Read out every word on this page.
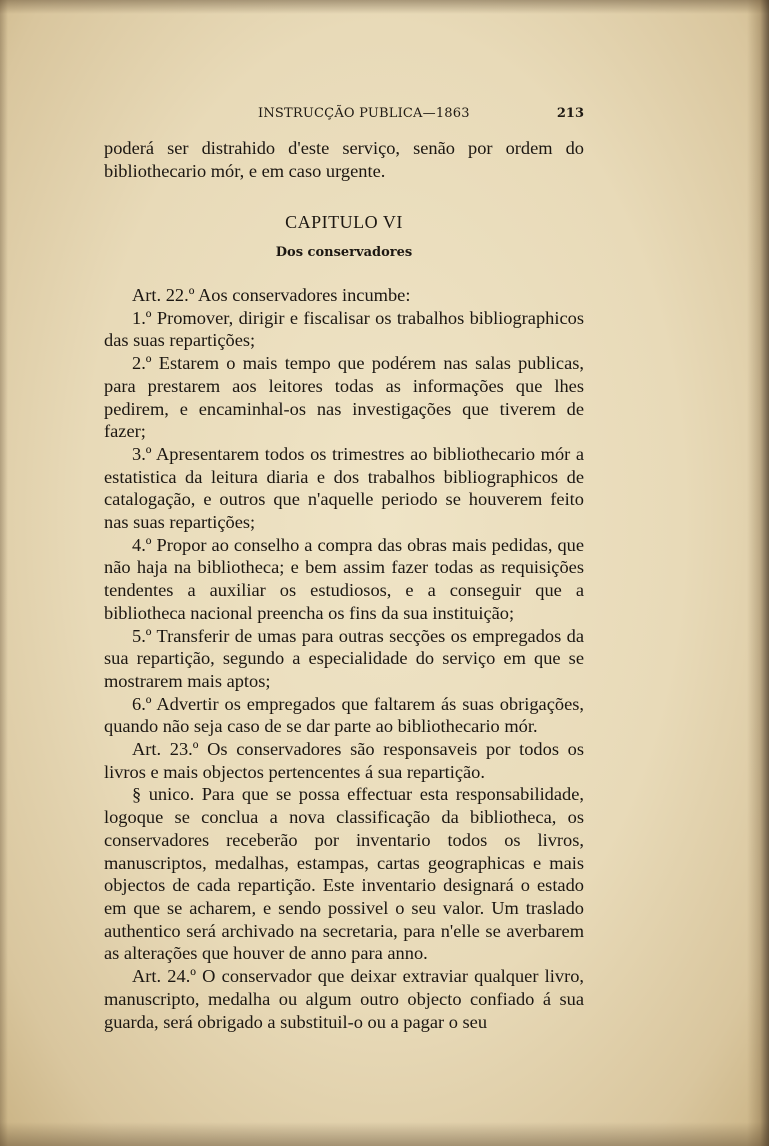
INSTRUCÇÃO PUBLICA—1863	213

poderá ser distrahido d'este serviço, senão por ordem do bibliothecario mór, e em caso urgente.

CAPITULO VI
Dos conservadores

Art. 22.º Aos conservadores incumbe:

1.º Promover, dirigir e fiscalisar os trabalhos bibliographicos das suas repartições;

2.º Estarem o mais tempo que podérem nas salas publicas, para prestarem aos leitores todas as informações que lhes pedirem, e encaminhal-os nas investigações que tiverem de fazer;

3.º Apresentarem todos os trimestres ao bibliothecario mór a estatistica da leitura diaria e dos trabalhos bibliographicos de catalogação, e outros que n'aquelle periodo se houverem feito nas suas repartições;

4.º Propor ao conselho a compra das obras mais pedidas, que não haja na bibliotheca; e bem assim fazer todas as requisições tendentes a auxiliar os estudiosos, e a conseguir que a bibliotheca nacional preencha os fins da sua instituição;

5.º Transferir de umas para outras secções os empregados da sua repartição, segundo a especialidade do serviço em que se mostrarem mais aptos;

6.º Advertir os empregados que faltarem ás suas obrigações, quando não seja caso de se dar parte ao bibliothecario mór.

Art. 23.º Os conservadores são responsaveis por todos os livros e mais objectos pertencentes á sua repartição.

§ unico. Para que se possa effectuar esta responsabilidade, logoque se conclua a nova classificação da bibliotheca, os conservadores receberão por inventario todos os livros, manuscriptos, medalhas, estampas, cartas geographicas e mais objectos de cada repartição. Este inventario designará o estado em que se acharem, e sendo possivel o seu valor. Um traslado authentico será archivado na secretaria, para n'elle se averbarem as alterações que houver de anno para anno.

Art. 24.º O conservador que deixar extraviar qualquer livro, manuscripto, medalha ou algum outro objecto confiado á sua guarda, será obrigado a substituil-o ou a pagar o seu
